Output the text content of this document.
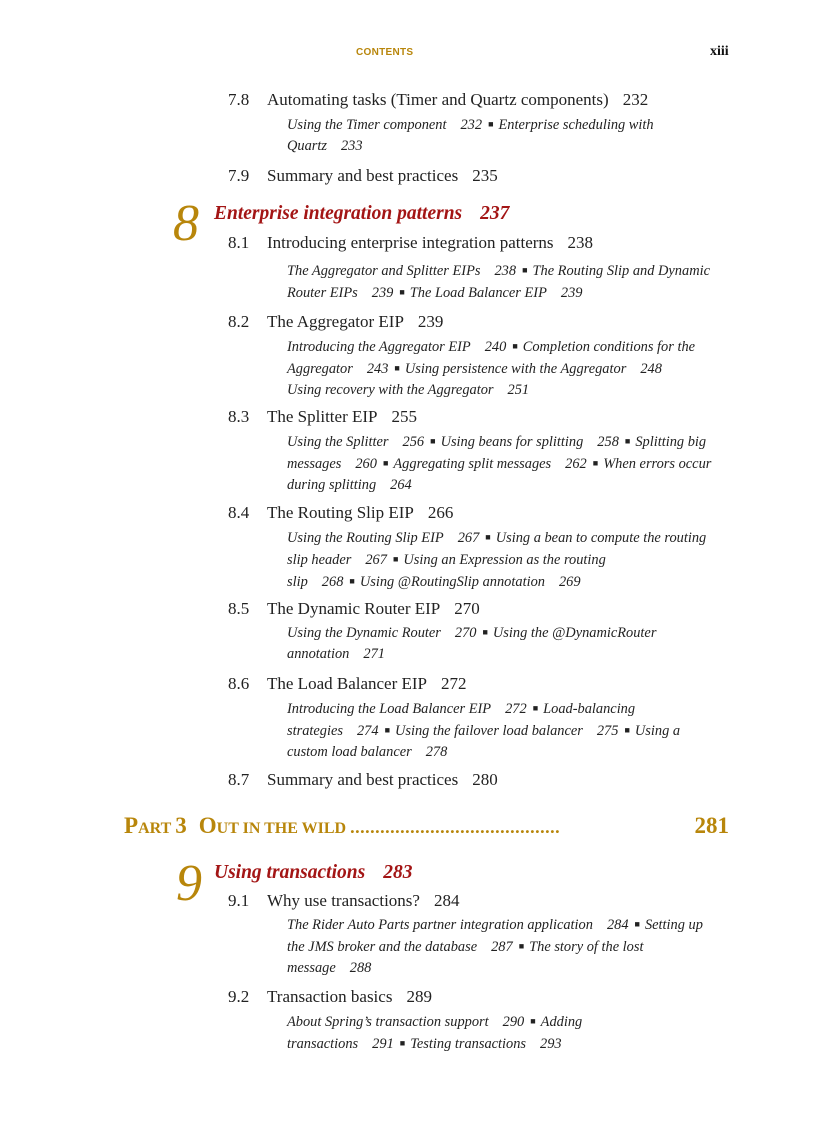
CONTENTS	xiii
7.8 Automating tasks (Timer and Quartz components) 232
Using the Timer component 232 ■ Enterprise scheduling with Quartz 233
7.9 Summary and best practices 235
8 Enterprise integration patterns 237
8.1 Introducing enterprise integration patterns 238
The Aggregator and Splitter EIPs 238 ■ The Routing Slip and Dynamic Router EIPs 239 ■ The Load Balancer EIP 239
8.2 The Aggregator EIP 239
Introducing the Aggregator EIP 240 ■ Completion conditions for the Aggregator 243 ■ Using persistence with the Aggregator 248
Using recovery with the Aggregator 251
8.3 The Splitter EIP 255
Using the Splitter 256 ■ Using beans for splitting 258 ■ Splitting big messages 260 ■ Aggregating split messages 262 ■ When errors occur during splitting 264
8.4 The Routing Slip EIP 266
Using the Routing Slip EIP 267 ■ Using a bean to compute the routing slip header 267 ■ Using an Expression as the routing slip 268 ■ Using @RoutingSlip annotation 269
8.5 The Dynamic Router EIP 270
Using the Dynamic Router 270 ■ Using the @DynamicRouter annotation 271
8.6 The Load Balancer EIP 272
Introducing the Load Balancer EIP 272 ■ Load-balancing strategies 274 ■ Using the failover load balancer 275 ■ Using a custom load balancer 278
8.7 Summary and best practices 280
PART 3 OUT IN THE WILD ..........................................	281
9 Using transactions 283
9.1 Why use transactions? 284
The Rider Auto Parts partner integration application 284 ■ Setting up the JMS broker and the database 287 ■ The story of the lost message 288
9.2 Transaction basics 289
About Spring’s transaction support 290 ■ Adding transactions 291 ■ Testing transactions 293
